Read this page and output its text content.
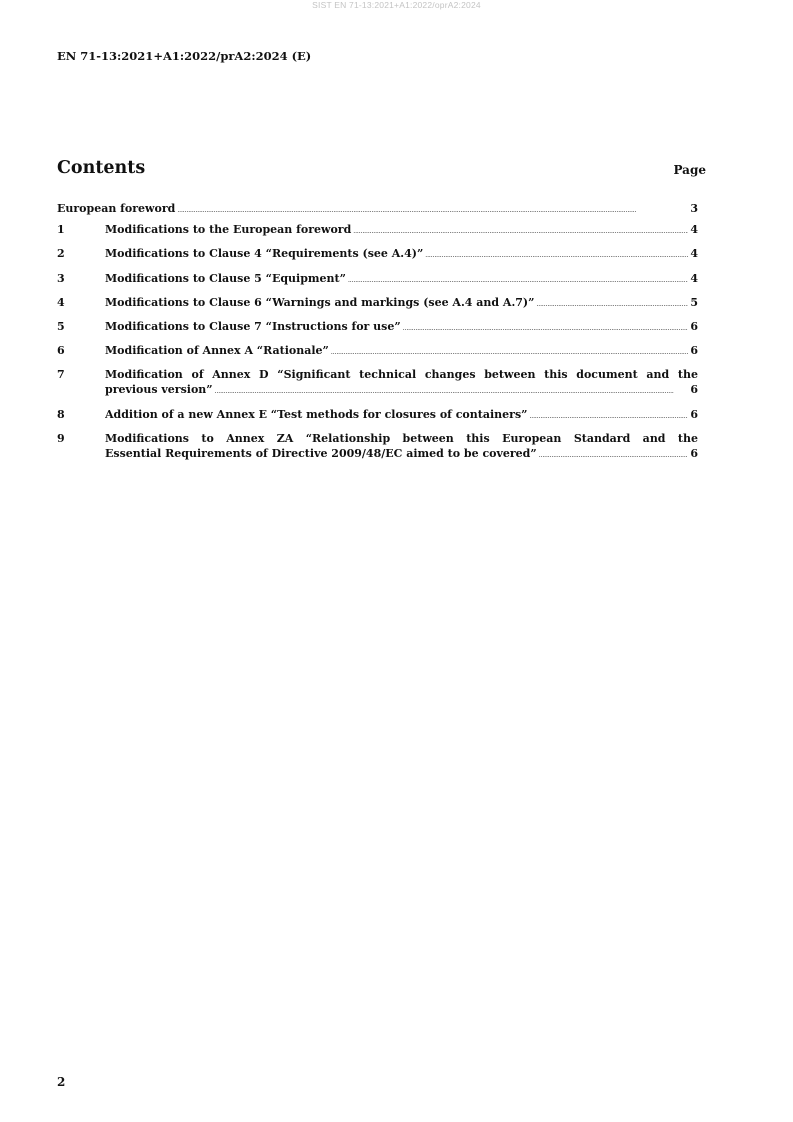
SIST EN 71-13:2021+A1:2022/oprA2:2024
EN 71-13:2021+A1:2022/prA2:2024 (E)
Contents	Page
European foreword . . .	3
1	Modifications to the European foreword . . .	4
2	Modifications to Clause 4 “Requirements (see A.4)” . . .	4
3	Modifications to Clause 5 “Equipment” . . .	4
4	Modifications to Clause 6 “Warnings and markings (see A.4 and A.7)” . . .	5
5	Modifications to Clause 7 “Instructions for use” . . .	6
6	Modification of Annex A “Rationale” . . .	6
7	Modification of Annex D “Significant technical changes between this document and the
previous version” . . .	6
8	Addition of a new Annex E “Test methods for closures of containers” . . .	6
9	Modifications to Annex ZA “Relationship between this European Standard and the
Essential Requirements of Directive 2009/48/EC aimed to be covered” . . .	6
2
